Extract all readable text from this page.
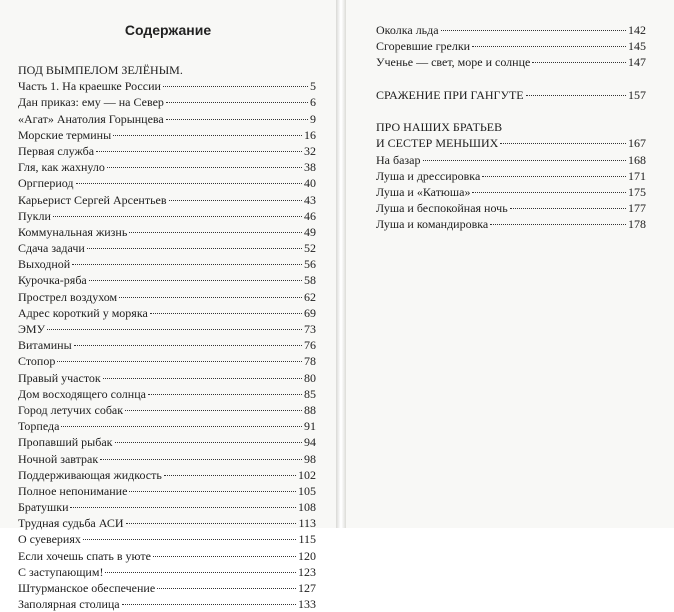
Содержание
ПОД ВЫМПЕЛОМ ЗЕЛЁНЫМ.
Часть 1. На краешке России	5
Дан приказ: ему — на Север	6
«Агат» Анатолия Горынцева	9
Морские термины	16
Первая служба	32
Гля, как жахнуло	38
Оргпериод	40
Карьерист Сергей Арсентьев	43
Пукли	46
Коммунальная жизнь	49
Сдача задачи	52
Выходной	56
Курочка-ряба	58
Прострел воздухом	62
Адрес короткий у моряка	69
ЭМУ	73
Витамины	76
Стопор	78
Правый участок	80
Дом восходящего солнца	85
Город летучих собак	88
Торпеда	91
Пропавший рыбак	94
Ночной завтрак	98
Поддерживающая жидкость	102
Полное непонимание	105
Братушки	108
Трудная судьба АСИ	113
О суевериях	115
Если хочешь спать в уюте	120
С заступающим!	123
Штурманское обеспечение	127
Заполярная столица	133
Околка льда	142
Сгоревшие грелки	145
Ученье — свет, море и солнце	147
СРАЖЕНИЕ ПРИ ГАНГУТЕ	157
ПРО НАШИХ БРАТЬЕВ
И СЕСТЕР МЕНЬШИХ	167
На базар	168
Луша и дрессировка	171
Луша и «Катюша»	175
Луша и беспокойная ночь	177
Луша и командировка	178
